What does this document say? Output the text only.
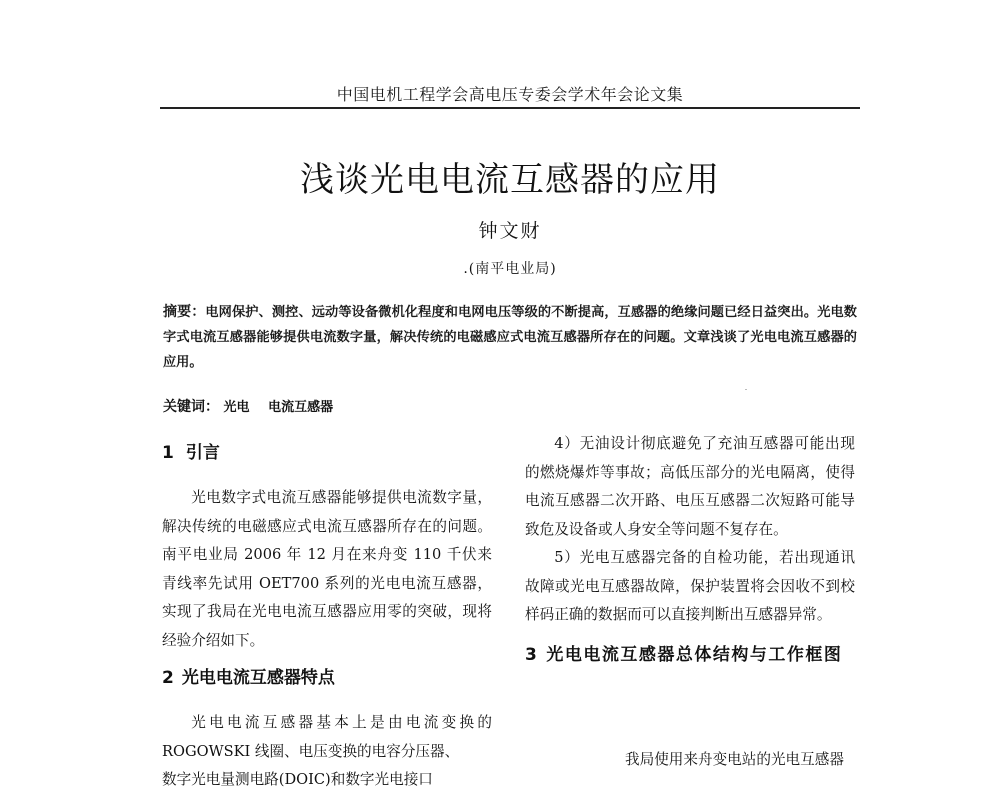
中国电机工程学会高电压专委会学术年会论文集
浅谈光电电流互感器的应用
钟文财
.(南平电业局)
摘要：电网保护、测控、远动等设备微机化程度和电网电压等级的不断提高，互感器的绝缘问题已经日益突出。光电数字式电流互感器能够提供电流数字量，解决传统的电磁感应式电流互感器所存在的问题。文章浅谈了光电电流互感器的应用。
关键词： 光电 电流互感器
1 引言

光电数字式电流互感器能够提供电流数字量，解决传统的电磁感应式电流互感器所存在的问题。南平电业局 2006 年 12 月在来舟变 110 千伏来青线率先试用 OET700 系列的光电电流互感器，实现了我局在光电电流互感器应用零的突破，现将经验介绍如下。

2 光电电流互感器特点

光电电流互感器基本上是由电流变换的 ROGOWSKI 线圈、电压变换的电容分压器、

数字光电量测电路(DOIC)和数字光电接口

4）无油设计彻底避免了充油互感器可能出现的燃烧爆炸等事故；高低压部分的光电隔离，使得电流互感器二次开路、电压互感器二次短路可能导致危及设备或人身安全等问题不复存在。

5）光电互感器完备的自检功能，若出现通讯故障或光电互感器故障，保护装置将会因收不到校样码正确的数据而可以直接判断出互感器异常。

3 光电电流互感器总体结构与工作框图
我局使用来舟变电站的光电互感器
